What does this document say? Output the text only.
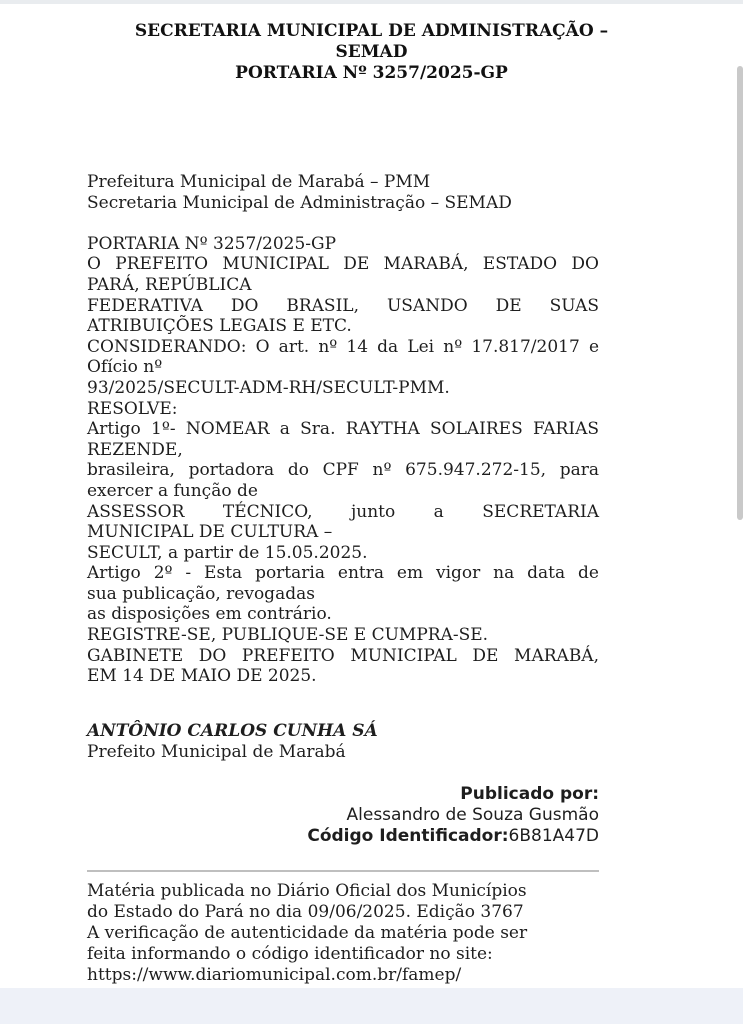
SECRETARIA MUNICIPAL DE ADMINISTRAÇÃO –
SEMAD
PORTARIA Nº 3257/2025-GP
Prefeitura Municipal de Marabá – PMM
Secretaria Municipal de Administração – SEMAD
PORTARIA Nº 3257/2025-GP
O PREFEITO MUNICIPAL DE MARABÁ, ESTADO DO
PARÁ, REPÚBLICA
FEDERATIVA DO BRASIL, USANDO DE SUAS
ATRIBUIÇÕES LEGAIS E ETC.
CONSIDERANDO: O art. nº 14 da Lei nº 17.817/2017 e
Ofício nº
93/2025/SECULT-ADM-RH/SECULT-PMM.
RESOLVE:
Artigo 1º- NOMEAR a Sra. RAYTHA SOLAIRES FARIAS
REZENDE,
brasileira, portadora do CPF nº 675.947.272-15, para
exercer a função de
ASSESSOR TÉCNICO, junto a SECRETARIA
MUNICIPAL DE CULTURA –
SECULT, a partir de 15.05.2025.
Artigo 2º - Esta portaria entra em vigor na data de
sua publicação, revogadas
as disposições em contrário.
REGISTRE-SE, PUBLIQUE-SE E CUMPRA-SE.
GABINETE DO PREFEITO MUNICIPAL DE MARABÁ,
EM 14 DE MAIO DE 2025.
ANTÔNIO CARLOS CUNHA SÁ
Prefeito Municipal de Marabá
Publicado por:
Alessandro de Souza Gusmão
Código Identificador:6B81A47D
Matéria publicada no Diário Oficial dos Municípios
do Estado do Pará no dia 09/06/2025. Edição 3767
A verificação de autenticidade da matéria pode ser
feita informando o código identificador no site:
https://www.diariomunicipal.com.br/famep/
